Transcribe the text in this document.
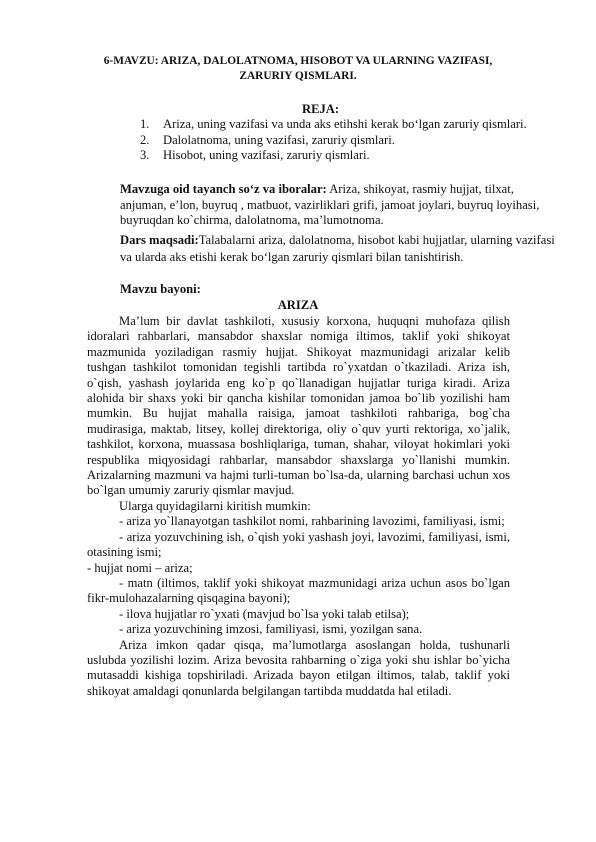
6-MAVZU: ARIZA, DALOLATNOMA, HISOBOT VA ULARNING VAZIFASI, ZARURIY QISMLARI.
REJA:
1. Ariza, uning vazifasi va unda aks etihshi kerak bo‘lgan zaruriy qismlari.
2. Dalolatnoma, uning vazifasi, zaruriy qismlari.
3. Hisobot, uning vazifasi, zaruriy qismlari.
Mavzuga oid tayanch so‘z va iboralar: Ariza, shikoyat, rasmiy hujjat, tilxat, anjuman, e’lon, buyruq , matbuot, vazirliklari grifi, jamoat joylari, buyruq loyihasi, buyruqdan ko`chirma, dalolatnoma, ma’lumotnoma.
Dars maqsadi:Talabalarni ariza, dalolatnoma, hisobot kabi hujjatlar, ularning vazifasi va ularda aks etishi kerak bo‘lgan zaruriy qismlari bilan tanishtirish.
Mavzu bayoni:
ARIZA

Ma’lum bir davlat tashkiloti, xususiy korxona, huquqni muhofaza qilish idoralari rahbarlari, mansabdor shaxslar nomiga iltimos, taklif yoki shikoyat mazmunida yoziladigan rasmiy hujjat. Shikoyat mazmunidagi arizalar kelib tushgan tashkilot tomonidan tegishli tartibda ro`yxatdan o`tkaziladi. Ariza ish, o`qish, yashash joylarida eng ko`p qo`llanadigan hujjatlar turiga kiradi. Ariza alohida bir shaxs yoki bir qancha kishilar tomonidan jamoa bo`lib yozilishi ham mumkin. Bu hujjat mahalla raisiga, jamoat tashkiloti rahbariga, bog`cha mudirasiga, maktab, litsey, kollej direktoriga, oliy o`quv yurti rektoriga, xo`jalik, tashkilot, korxona, muassasa boshliqlariga, tuman, shahar, viloyat hokimlari yoki respublika miqyosidagi rahbarlar, mansabdor shaxslarga yo`llanishi mumkin. Arizalarning mazmuni va hajmi turli-tuman bo`lsa-da, ularning barchasi uchun xos bo`lgan umumiy zaruriy qismlar mavjud.

Ularga quyidagilarni kiritish mumkin:

- ariza yo`llanayotgan tashkilot nomi, rahbarining lavozimi, familiyasi, ismi;

- ariza yozuvchining ish, o`qish yoki yashash joyi, lavozimi, familiyasi, ismi, otasining ismi;

- hujjat nomi – ariza;

- matn (iltimos, taklif yoki shikoyat mazmunidagi ariza uchun asos bo`lgan fikr-mulohazalarning qisqagina bayoni);

- ilova hujjatlar ro`yxati (mavjud bo`lsa yoki talab etilsa);

- ariza yozuvchining imzosi, familiyasi, ismi, yozilgan sana.

Ariza imkon qadar qisqa, ma’lumotlarga asoslangan holda, tushunarli uslubda yozilishi lozim. Ariza bevosita rahbarning o`ziga yoki shu ishlar bo`yicha mutasaddi kishiga topshiriladi. Arizada bayon etilgan iltimos, talab, taklif yoki shikoyat amaldagi qonunlarda belgilangan tartibda muddatda hal etiladi.
